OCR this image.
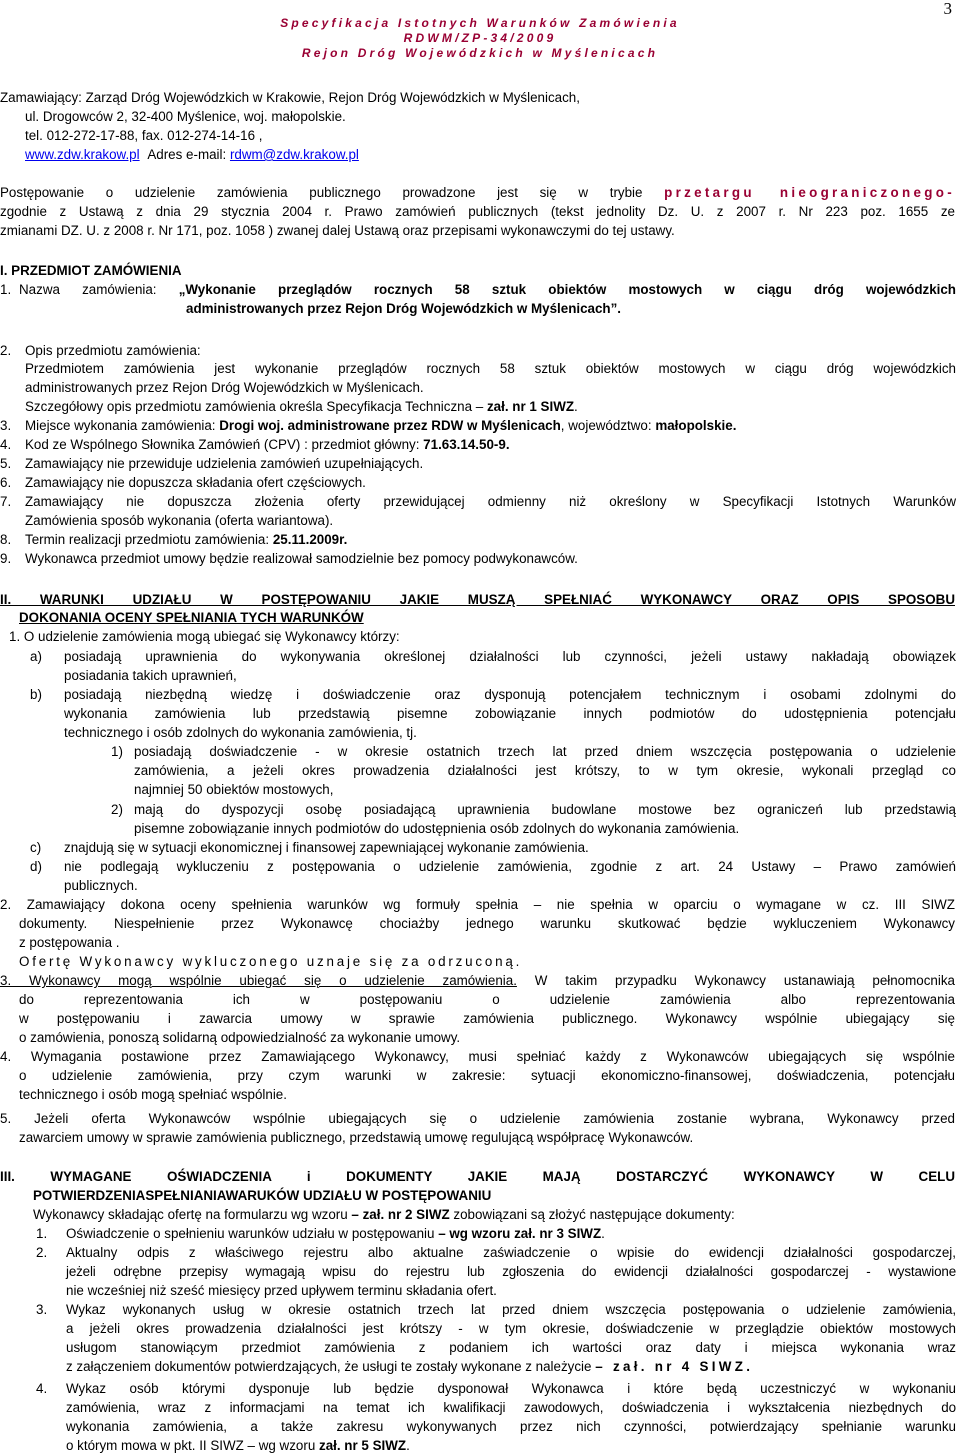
3
Specyfikacja Istotnych Warunków Zamówienia
RDWM/ZP-34/2009
Rejon Dróg Wojewódzkich w Myślenicach
Zamawiający: Zarząd Dróg Wojewódzkich w Krakowie, Rejon Dróg Wojewódzkich w Myślenicach,
ul. Drogowców 2, 32-400 Myślenice, woj. małopolskie.
tel. 012-272-17-88, fax. 012-274-14-16 ,
www.zdw.krakow.pl Adres e-mail: rdwm@zdw.krakow.pl
Postępowanie o udzielenie zamówienia publicznego prowadzone jest się w trybie przetargu nieograniczonego-
zgodnie z Ustawą z dnia 29 stycznia 2004 r. Prawo zamówień publicznych (tekst jednolity Dz. U. z 2007 r. Nr 223 poz. 1655 ze
zmianami DZ. U. z 2008 r. Nr 171, poz. 1058 ) zwanej dalej Ustawą oraz przepisami wykonawczymi do tej ustawy.
I. PRZEDMIOT ZAMÓWIENIA
1. Nazwa zamówienia: „Wykonanie przeglądów rocznych 58 sztuk obiektów mostowych w ciągu dróg wojewódzkich
administrowanych przez Rejon Dróg Wojewódzkich w Myślenicach”.
2. Opis przedmiotu zamówienia:
Przedmiotem zamówienia jest wykonanie przeglądów rocznych 58 sztuk obiektów mostowych w ciągu dróg wojewódzkich
administrowanych przez Rejon Dróg Wojewódzkich w Myślenicach.
Szczegółowy opis przedmiotu zamówienia określa Specyfikacja Techniczna – zał. nr 1 SIWZ.
3. Miejsce wykonania zamówienia: Drogi woj. administrowane przez RDW w Myślenicach, województwo: małopolskie.
4. Kod ze Wspólnego Słownika Zamówień (CPV) : przedmiot główny: 71.63.14.50-9.
5. Zamawiający nie przewiduje udzielenia zamówień uzupełniających.
6. Zamawiający nie dopuszcza składania ofert częściowych.
7. Zamawiający nie dopuszcza złożenia oferty przewidującej odmienny niż określony w Specyfikacji Istotnych Warunków
Zamówienia sposób wykonania (oferta wariantowa).
8. Termin realizacji przedmiotu zamówienia: 25.11.2009r.
9. Wykonawca przedmiot umowy będzie realizował samodzielnie bez pomocy podwykonawców.
II. WARUNKI UDZIAŁU W POSTĘPOWANIU JAKIE MUSZĄ SPEŁNIAĆ WYKONAWCY ORAZ OPIS SPOSOBU
DOKONANIA OCENY SPEŁNIANIA TYCH WARUNKÓW
1. O udzielenie zamówienia mogą ubiegać się Wykonawcy którzy:
a) posiadają uprawnienia do wykonywania określonej działalności lub czynności, jeżeli ustawy nakładają obowiązek
posiadania takich uprawnień,
b) posiadają niezbędną wiedzę i doświadczenie oraz dysponują potencjałem technicznym i osobami zdolnymi do
wykonania zamówienia lub przedstawią pisemne zobowiązanie innych podmiotów do udostępnienia potencjału
technicznego i osób zdolnych do wykonania zamówienia, tj.
1) posiadają doświadczenie - w okresie ostatnich trzech lat przed dniem wszczęcia postępowania o udzielenie
zamówienia, a jeżeli okres prowadzenia działalności jest krótszy, to w tym okresie, wykonali przegląd co
najmniej 50 obiektów mostowych,
2) mają do dyspozycji osobę posiadającą uprawnienia budowlane mostowe bez ograniczeń lub przedstawią
pisemne zobowiązanie innych podmiotów do udostępnienia osób zdolnych do wykonania zamówienia.
c) znajdują się w sytuacji ekonomicznej i finansowej zapewniającej wykonanie zamówienia.
d) nie podlegają wykluczeniu z postępowania o udzielenie zamówienia, zgodnie z art. 24 Ustawy – Prawo zamówień
publicznych.
2. Zamawiający dokona oceny spełnienia warunków wg formuły spełnia – nie spełnia w oparciu o wymagane w cz. III SIWZ
dokumenty. Niespełnienie przez Wykonawcę chociażby jednego warunku skutkować będzie wykluczeniem Wykonawcy
z postępowania .
Ofertę Wykonawcy wykluczonego uznaje się za odrzuconą.
3. Wykonawcy mogą wspólnie ubiegać się o udzielenie zamówienia. W takim przypadku Wykonawcy ustanawiają pełnomocnika
do reprezentowania ich w postępowaniu o udzielenie zamówienia albo reprezentowania
w postępowaniu i zawarcia umowy w sprawie zamówienia publicznego. Wykonawcy wspólnie ubiegający się
o zamówienia, ponoszą solidarną odpowiedzialność za wykonanie umowy.
4. Wymagania postawione przez Zamawiającego Wykonawcy, musi spełniać każdy z Wykonawców ubiegających się wspólnie
o udzielenie zamówienia, przy czym warunki w zakresie: sytuacji ekonomiczno-finansowej, doświadczenia, potencjału
technicznego i osób mogą spełniać wspólnie.
5. Jeżeli oferta Wykonawców wspólnie ubiegających się o udzielenie zamówienia zostanie wybrana, Wykonawcy przed
zawarciem umowy w sprawie zamówienia publicznego, przedstawią umowę regulującą współpracę Wykonawców.
III. WYMAGANE OŚWIADCZENIA i DOKUMENTY JAKIE MAJĄ DOSTARCZYĆ WYKONAWCY W CELU
POTWIERDZENIASPEŁNIANIAWARUKÓW UDZIAŁU W POSTĘPOWANIU
Wykonawcy składając ofertę na formularzu wg wzoru – zał. nr 2 SIWZ zobowiązani są złożyć następujące dokumenty:
1. Oświadczenie o spełnieniu warunków udziału w postępowaniu – wg wzoru zał. nr 3 SIWZ.
2. Aktualny odpis z właściwego rejestru albo aktualne zaświadczenie o wpisie do ewidencji działalności gospodarczej,
jeżeli odrębne przepisy wymagają wpisu do rejestru lub zgłoszenia do ewidencji działalności gospodarczej - wystawione
nie wcześniej niż sześć miesięcy przed upływem terminu składania ofert.
3. Wykaz wykonanych usług w okresie ostatnich trzech lat przed dniem wszczęcia postępowania o udzielenie zamówienia,
a jeżeli okres prowadzenia działalności jest krótszy - w tym okresie, doświadczenie w przeglądzie obiektów mostowych
usługom stanowiącym przedmiot zamówienia z podaniem ich wartości oraz daty i miejsca wykonania wraz
z załączeniem dokumentów potwierdzających, że usługi te zostały wykonane z należycie – zał. nr 4 SIWZ.
4. Wykaz osób którymi dysponuje lub będzie dysponował Wykonawca i które będą uczestniczyć w wykonaniu
zamówienia, wraz z informacjami na temat ich kwalifikacji zawodowych, doświadczenia i wykształcenia niezbędnych do
wykonania zamówienia, a także zakresu wykonywanych przez nich czynności, potwierdzający spełnianie warunku
o którym mowa w pkt. II SIWZ – wg wzoru zał. nr 5 SIWZ.
